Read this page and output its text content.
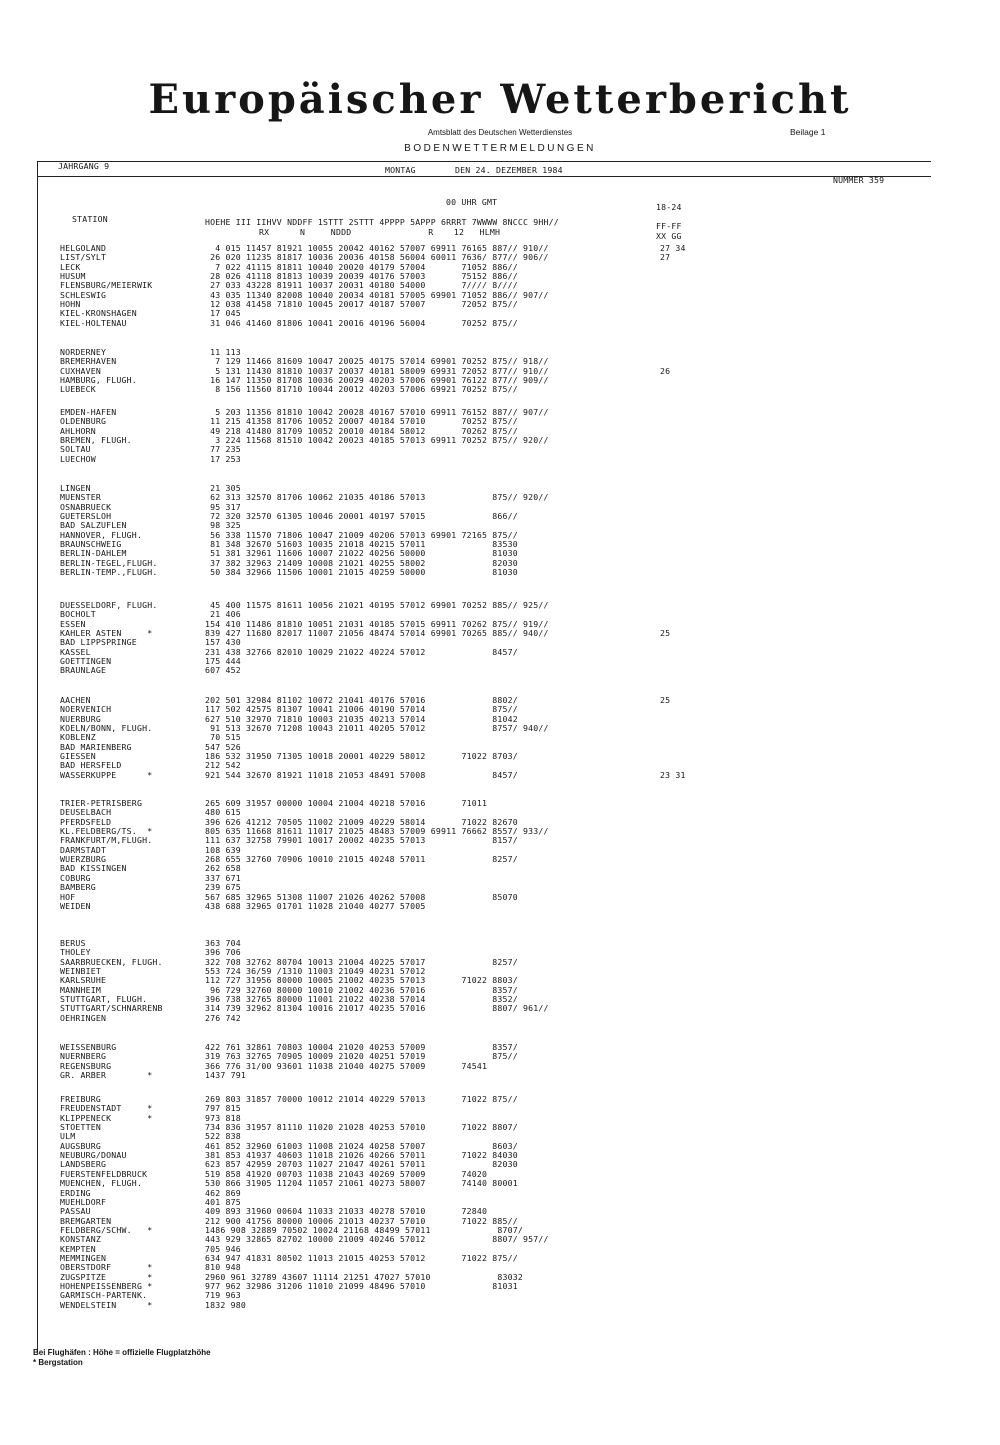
Europäischer Wetterbericht
Amtsblatt des Deutschen Wetterdienstes	Beilage 1
BODENWETTERMELDUNGEN
JAHRGANG 9	MONTAG	DEN 24. DEZEMBER 1984
NUMMER 359
00 UHR GMT	18-24
STATION	HOEHE III IIHVV NDDFF 1STTT 2STTT 4PPPP 5APPP 6RRRT 7WWWW 8NCCC 9HH//
RX      N     NDDD               R    12   HLMH
FF-FF
XX GG
HELGOLAND	4 015 11457 81921 10055 20042 40162 57007 69911 76165 887// 910//	27 34
LIST/SYLT	26 020 11235 81817 10036 20036 40158 56004 60011 7636/ 877// 906//	27
LECK	7 022 41115 81811 10040 20020 40179 57004       71052 886//
HUSUM	28 026 41118 81813 10039 20039 40176 57003       75152 886//
FLENSBURG/MEIERWIK	27 033 43228 81911 10037 20031 40180 54000       7//// 8////
SCHLESWIG	43 035 11340 82008 10040 20034 40181 57005 69901 71052 886// 907//
HOHN	12 038 41458 71810 10045 20017 40187 57007       72052 875//
KIEL-KRONSHAGEN	17 045
KIEL-HOLTENAU	31 046 41460 81806 10041 20016 40196 56004       70252 875//
NORDERNEY	11 113
BREMERHAVEN	7 129 11466 81609 10047 20025 40175 57014 69901 70252 875// 918//
CUXHAVEN	5 131 11430 81810 10037 20037 40181 58009 69931 72052 877// 910//	26
HAMBURG, FLUGH.	16 147 11350 81708 10036 20029 40203 57006 69901 76122 877// 909//
LUEBECK	8 156 11560 81710 10044 20012 40203 57006 69921 70252 875//
EMDEN-HAFEN	5 203 11356 81810 10042 20028 40167 57010 69911 76152 887// 907//
OLDENBURG	11 215 41358 81706 10052 20007 40184 57010       70252 875//
AHLHORN	49 218 41480 81709 10052 20010 40184 58012       70262 875//
BREMEN, FLUGH.	3 224 11568 81510 10042 20023 40185 57013 69911 70252 875// 920//
SOLTAU	77 235
LUECHOW	17 253
LINGEN	21 305
MUENSTER	62 313 32570 81706 10062 21035 40186 57013             875// 920//
OSNABRUECK	95 317
GUETERSLOH	72 320 32570 61305 10046 20001 40197 57015             866//
BAD SALZUFLEN	98 325
HANNOVER, FLUGH.	56 338 11570 71806 10047 21009 40206 57013 69901 72165 875//
BRAUNSCHWEIG	81 348 32670 51603 10035 21018 40215 57011             83530
BERLIN-DAHLEM	51 381 32961 11606 10007 21022 40256 50000             81030
BERLIN-TEGEL,FLUGH.	37 382 32963 21409 10008 21021 40255 58002             82030
BERLIN-TEMP.,FLUGH.	50 384 32966 11506 10001 21015 40259 50000             81030
DUESSELDORF, FLUGH.	45 400 11575 81611 10056 21021 40195 57012 69901 70252 885// 925//
BOCHOLT	21 406
ESSEN	154 410 11486 81810 10051 21031 40185 57015 69911 70262 875// 919//
KAHLER ASTEN     *	839 427 11680 82017 11007 21056 48474 57014 69901 70265 885// 940//	25
BAD LIPPSPRINGE	157 430
KASSEL	231 438 32766 82010 10029 21022 40224 57012             8457/
GOETTINGEN	175 444
BRAUNLAGE	607 452
AACHEN	202 501 32984 81102 10072 21041 40176 57016             8802/	25
NOERVENICH	117 502 42575 81307 10041 21006 40190 57014             875//
NUERBURG	627 510 32970 71810 10003 21035 40213 57014             81042
KOELN/BONN, FLUGH.	91 513 32670 71208 10043 21011 40205 57012             8757/ 940//
KOBLENZ	70 515
BAD MARIENBERG	547 526
GIESSEN	186 532 31950 71305 10018 20001 40229 58012       71022 8703/
BAD HERSFELD	212 542
WASSERKUPPE      *	921 544 32670 81921 11018 21053 48491 57008             8457/	23 31
TRIER-PETRISBERG	265 609 31957 00000 10004 21004 40218 57016       71011
DEUSELBACH	480 615
PFERDSFELD	396 626 41212 70505 11002 21009 40229 58014       71022 82670
KL.FELDBERG/TS.  *	805 635 11668 81611 11017 21025 48483 57009 69911 76662 8557/ 933//
FRANKFURT/M,FLUGH.	111 637 32758 79901 10017 20002 40235 57013             8157/
DARMSTADT	108 639
WUERZBURG	268 655 32760 70906 10010 21015 40248 57011             8257/
BAD KISSINGEN	262 658
COBURG	337 671
BAMBERG	239 675
HOF	567 685 32965 51308 11007 21026 40262 57008             85070
WEIDEN	438 688 32965 01701 11028 21040 40277 57005
BERUS	363 704
THOLEY	396 706
SAARBRUECKEN, FLUGH.	322 708 32762 80704 10013 21004 40225 57017             8257/
WEINBIET	553 724 36/59 /1310 11003 21049 40231 57012
KARLSRUHE	112 727 31956 80000 10005 21002 40235 57013       71022 8803/
MANNHEIM	96 729 32760 80000 10010 21002 40236 57016             8357/
STUTTGART, FLUGH.	396 738 32765 80000 11001 21022 40238 57014             8352/
STUTTGART/SCHNARRENB	314 739 32962 81304 10016 21017 40235 57016             8807/ 961//
OEHRINGEN	276 742
WEISSENBURG	422 761 32861 70803 10004 21020 40253 57009             8357/
NUERNBERG	319 763 32765 70905 10009 21020 40251 57019             875//
REGENSBURG	366 776 31/00 93601 11038 21040 40275 57009       74541
GR. ARBER        *	1437 791
FREIBURG	269 803 31857 70000 10012 21014 40229 57013       71022 875//
FREUDENSTADT     *	797 815
KLIPPENECK       *	973 818
STOETTEN	734 836 31957 81110 11020 21028 40253 57010       71022 8807/
ULM	522 838
AUGSBURG	461 852 32960 61003 11008 21024 40258 57007             8603/
NEUBURG/DONAU	381 853 41937 40603 11018 21026 40266 57011       71022 84030
LANDSBERG	623 857 42959 20703 11027 21047 40261 57011             82030
FUERSTENFELDBRUCK	519 858 41920 00703 11038 21043 40269 57009       74020
MUENCHEN, FLUGH.	530 866 31905 11204 11057 21061 40273 58007       74140 80001
ERDING	462 869
MUEHLDORF	401 875
PASSAU	409 893 31960 00604 11033 21033 40278 57010       72840
BREMGARTEN	212 900 41756 80000 10006 21013 40237 57010       71022 885//
FELDBERG/SCHW.   *	1486 908 32889 70502 10024 21168 48499 57011             8707/
KONSTANZ	443 929 32865 82702 10000 21009 40246 57012             8807/ 957//
KEMPTEN	705 946
MEMMINGEN	634 947 41831 80502 11013 21015 40253 57012       71022 875//
OBERSTDORF       *	810 948
ZUGSPITZE        *	2960 961 32789 43607 11114 21251 47027 57010             83032
HOHENPEISSENBERG *	977 962 32986 31206 11010 21099 48496 57010             81031
GARMISCH-PARTENK.	719 963
WENDELSTEIN      *	1832 980
Bei Flughäfen : Höhe = offizielle Flugplatzhöhe
* Bergstation
